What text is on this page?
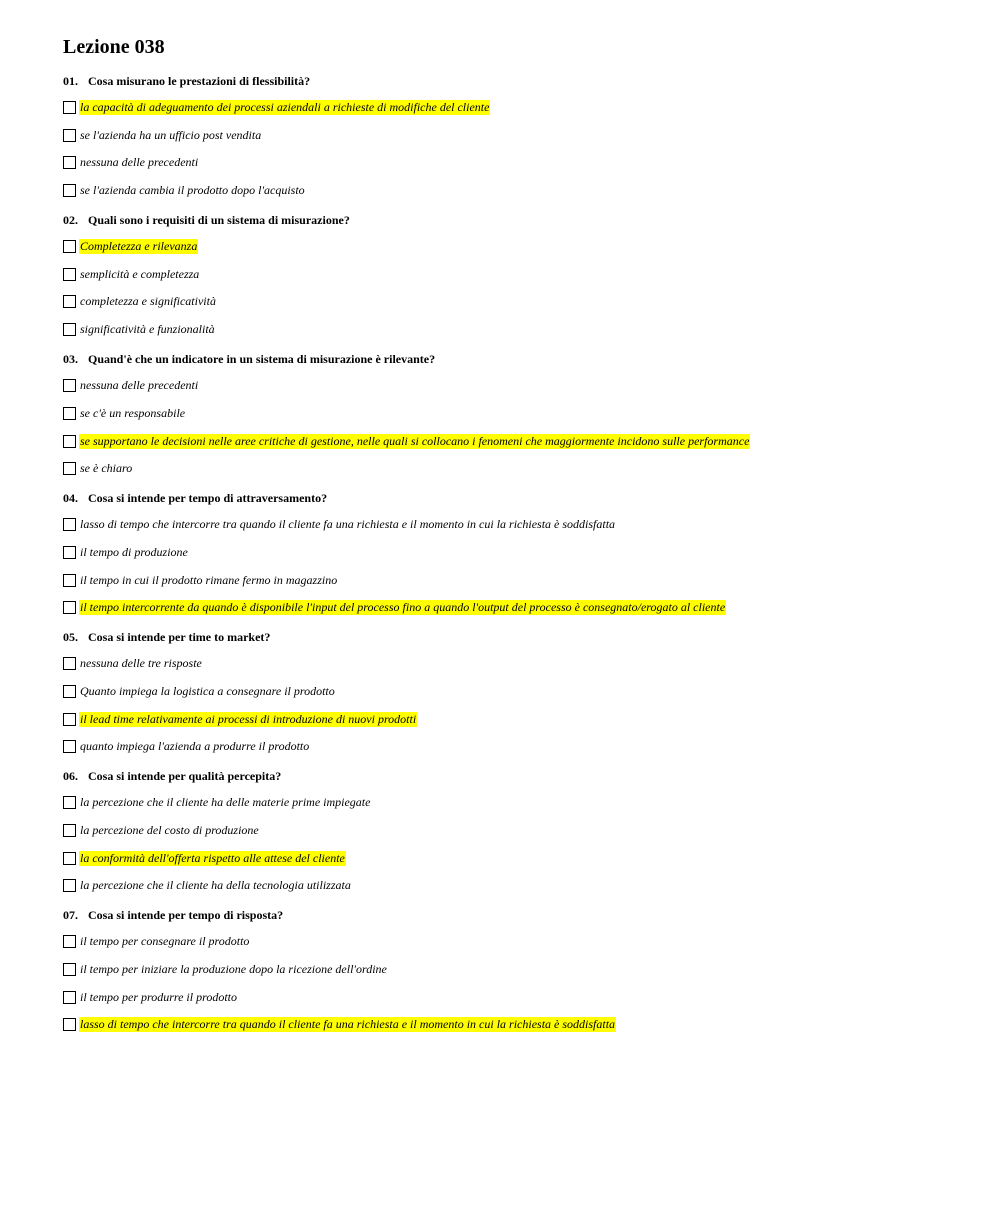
Lezione 038
01. Cosa misurano le prestazioni di flessibilità?
la capacità di adeguamento dei processi aziendali a richieste di modifiche del cliente
se l'azienda ha un ufficio post vendita
nessuna delle precedenti
se l'azienda cambia il prodotto dopo l'acquisto
02. Quali sono i requisiti di un sistema di misurazione?
Completezza e rilevanza
semplicità e completezza
completezza e significatività
significatività e funzionalità
03. Quand'è che un indicatore in un sistema di misurazione è rilevante?
nessuna delle precedenti
se c'è un responsabile
se supportano le decisioni nelle aree critiche di gestione, nelle quali si collocano i fenomeni che maggiormente incidono sulle performance
se è chiaro
04. Cosa si intende per tempo di attraversamento?
lasso di tempo che intercorre tra quando il cliente fa una richiesta e il momento in cui la richiesta è soddisfatta
il tempo di produzione
il tempo in cui il prodotto rimane fermo in magazzino
il tempo intercorrente da quando è disponibile l'input del processo fino a quando l'output del processo è consegnato/erogato al cliente
05. Cosa si intende per time to market?
nessuna delle tre risposte
Quanto impiega la logistica a consegnare il prodotto
il lead time relativamente ai processi di introduzione di nuovi prodotti
quanto impiega l'azienda a produrre il prodotto
06. Cosa si intende per qualità percepita?
la percezione che il cliente ha delle materie prime impiegate
la percezione del costo di produzione
la conformità dell'offerta rispetto alle attese del cliente
la percezione che il cliente ha della tecnologia utilizzata
07. Cosa si intende per tempo di risposta?
il tempo per consegnare il prodotto
il tempo per iniziare la produzione dopo la ricezione dell'ordine
il tempo per produrre il prodotto
lasso di tempo che intercorre tra quando il cliente fa una richiesta e il momento in cui la richiesta è soddisfatta
